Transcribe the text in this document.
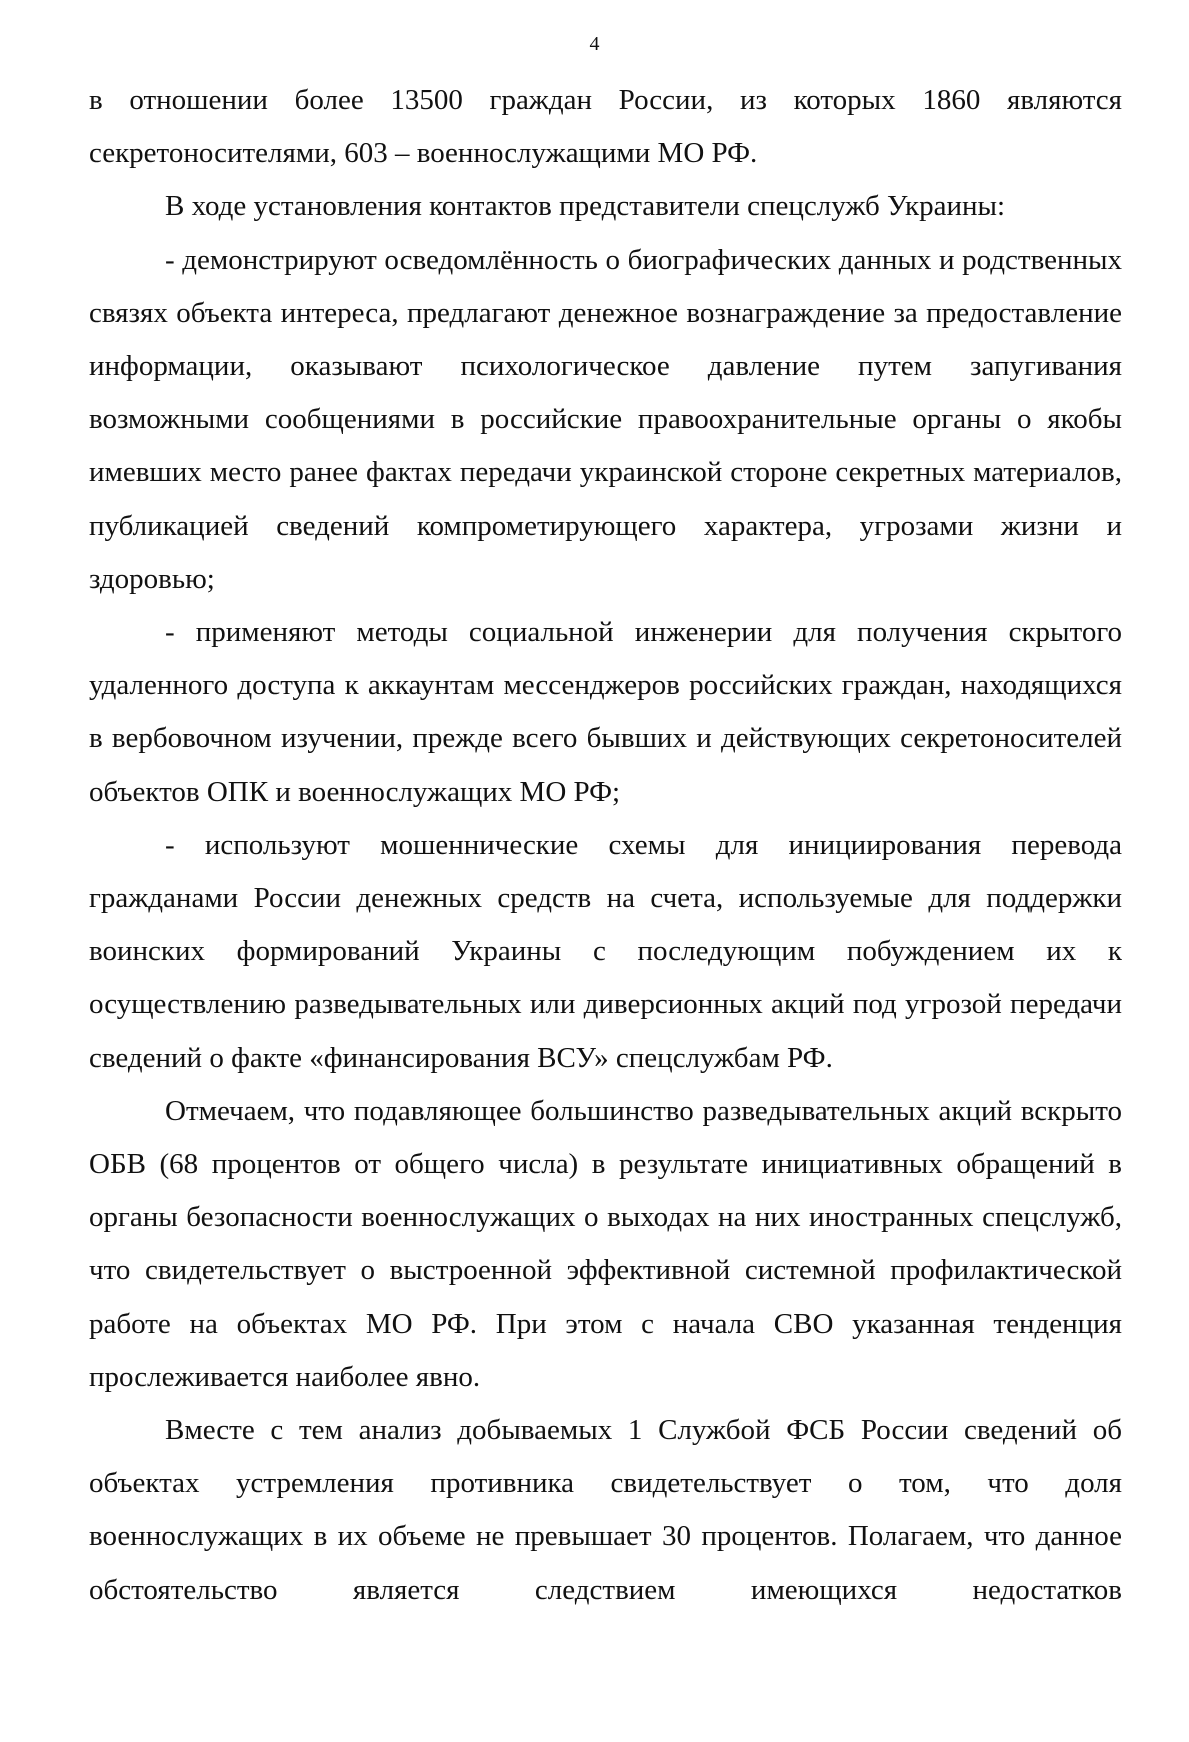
4

в отношении более 13500 граждан России, из которых 1860 являются секретоносителями, 603 – военнослужащими МО РФ.

В ходе установления контактов представители спецслужб Украины:

- демонстрируют осведомлённость о биографических данных и родственных связях объекта интереса, предлагают денежное вознаграждение за предоставление информации, оказывают психологическое давление путем запугивания возможными сообщениями в российские правоохранительные органы о якобы имевших место ранее фактах передачи украинской стороне секретных материалов, публикацией сведений компрометирующего характера, угрозами жизни и здоровью;

- применяют методы социальной инженерии для получения скрытого удаленного доступа к аккаунтам мессенджеров российских граждан, находящихся в вербовочном изучении, прежде всего бывших и действующих секретоносителей объектов ОПК и военнослужащих МО РФ;

- используют мошеннические схемы для инициирования перевода гражданами России денежных средств на счета, используемые для поддержки воинских формирований Украины с последующим побуждением их к осуществлению разведывательных или диверсионных акций под угрозой передачи сведений о факте «финансирования ВСУ» спецслужбам РФ.

Отмечаем, что подавляющее большинство разведывательных акций вскрыто ОБВ (68 процентов от общего числа) в результате инициативных обращений в органы безопасности военнослужащих о выходах на них иностранных спецслужб, что свидетельствует о выстроенной эффективной системной профилактической работе на объектах МО РФ. При этом с начала СВО указанная тенденция прослеживается наиболее явно.

Вместе с тем анализ добываемых 1 Службой ФСБ России сведений об объектах устремления противника свидетельствует о том, что доля военнослужащих в их объеме не превышает 30 процентов. Полагаем, что данное обстоятельство является следствием имеющихся недостатков
